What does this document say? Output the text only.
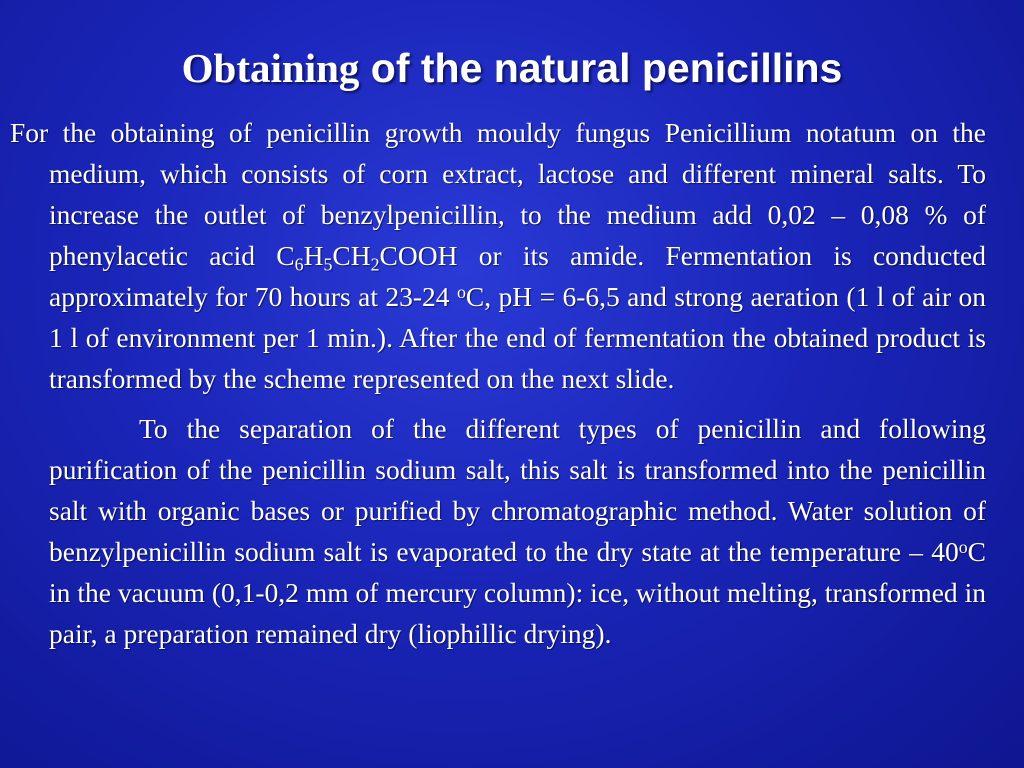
Obtaining of the natural penicillins

For the obtaining of penicillin growth mouldy fungus Penicillium notatum on the medium, which consists of corn extract, lactose and different mineral salts. To increase the outlet of benzylpenicillin, to the medium add 0,02 – 0,08 % of phenylacetic acid $C_6H_5CH_2COOH$ or its amide. Fermentation is conducted approximately for 70 hours at 23-24 $^o$C, pH = 6-6,5 and strong aeration (1 l of air on 1 l of environment per 1 min.). After the end of fermentation the obtained product is transformed by the scheme represented on the next slide.

To the separation of the different types of penicillin and following purification of the penicillin sodium salt, this salt is transformed into the penicillin salt with organic bases or purified by chromatographic method. Water solution of benzylpenicillin sodium salt is evaporated to the dry state at the temperature – 40$^o$C in the vacuum (0,1-0,2 mm of mercury column): ice, without melting, transformed in pair, a preparation remained dry (liophillic drying).
